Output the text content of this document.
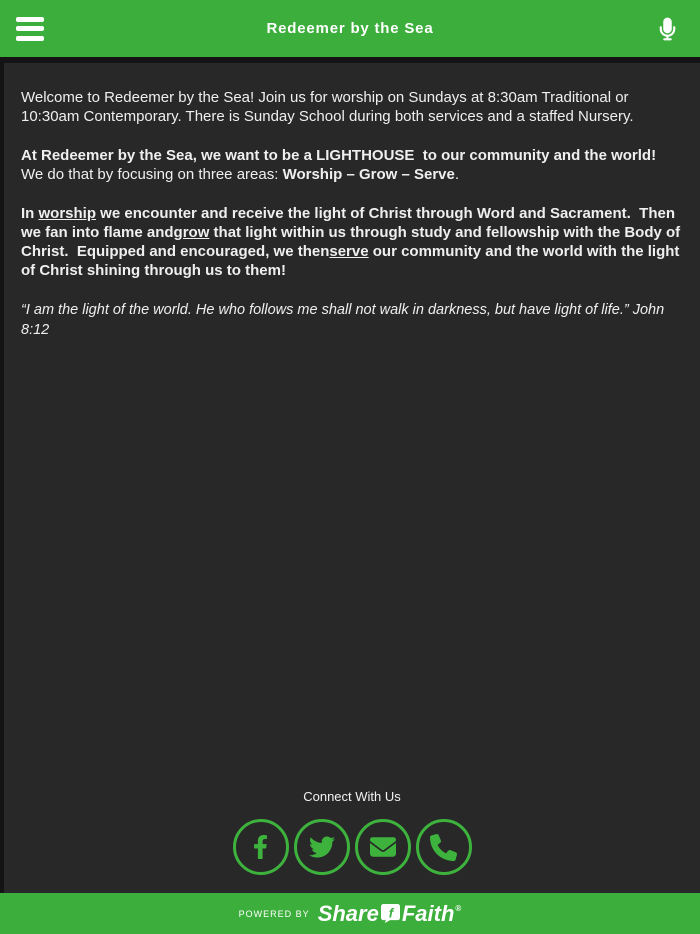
Redeemer by the Sea

Welcome to Redeemer by the Sea! Join us for worship on Sundays at 8:30am Traditional or 10:30am Contemporary. There is Sunday School during both services and a staffed Nursery.

At Redeemer by the Sea, we want to be a LIGHTHOUSE  to our community and the world!  We do that by focusing on three areas: Worship – Grow – Serve.

In worship we encounter and receive the light of Christ through Word and Sacrament.  Then we fan into flame andgrow that light within us through study and fellowship with the Body of Christ.  Equipped and encouraged, we thenserve our community and the world with the light of Christ shining through us to them!

“I am the light of the world. He who follows me shall not walk in darkness, but have light of life.” John 8:12

Connect With Us
POWERED BY Share f Faith ®
